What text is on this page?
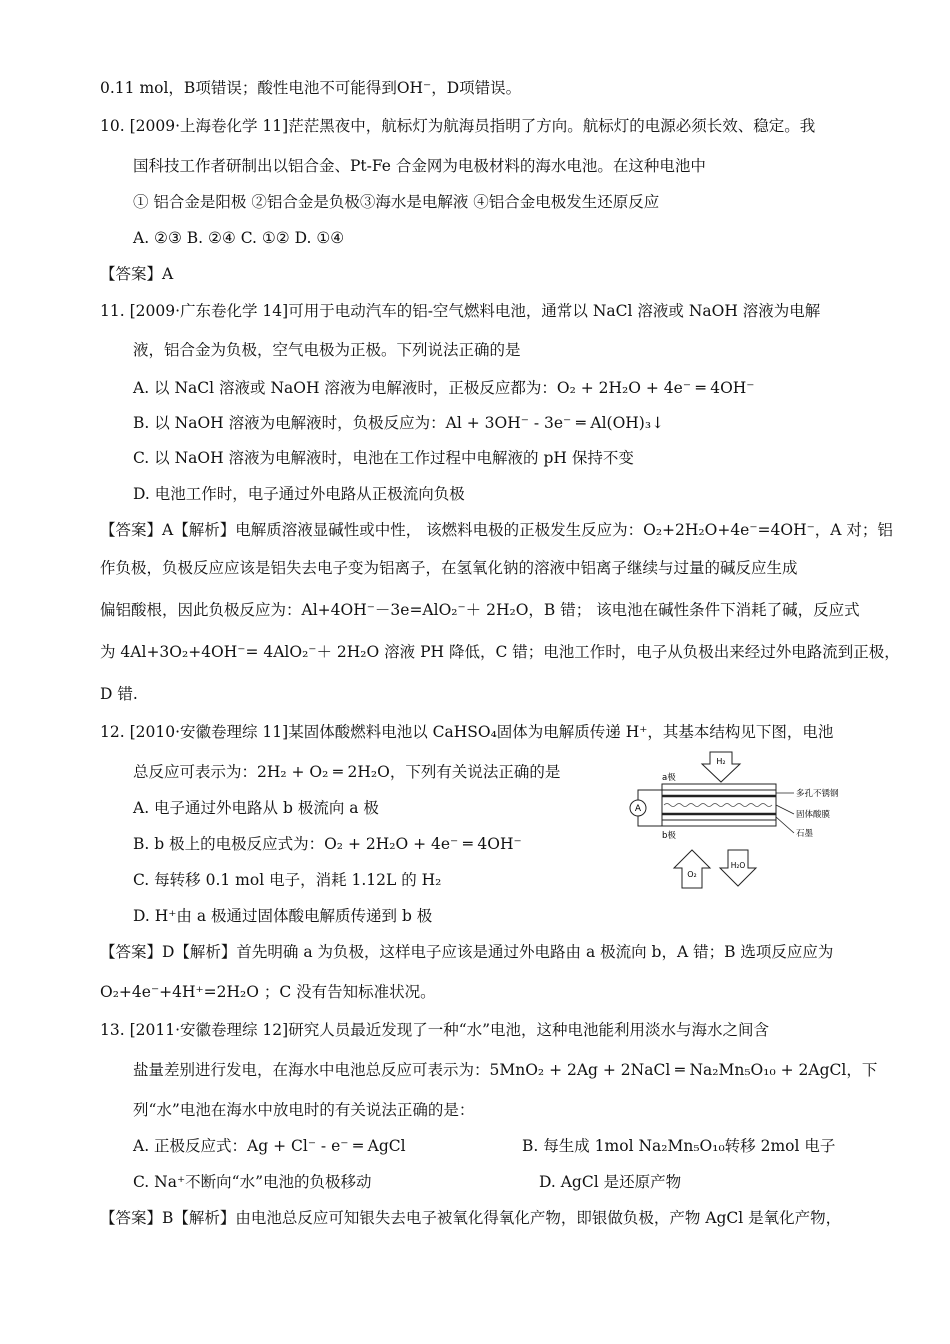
0.11 mol，B项错误；酸性电池不可能得到OH⁻，D项错误。
10. [2009·上海卷化学 11]茫茫黑夜中，航标灯为航海员指明了方向。航标灯的电源必须长效、稳定。我
国科技工作者研制出以铝合金、Pt-Fe 合金网为电极材料的海水电池。在这种电池中
① 铝合金是阳极 ②铝合金是负极③海水是电解液 ④铝合金电极发生还原反应
A. ②③ B. ②④ C. ①② D. ①④
【答案】A
11. [2009·广东卷化学 14]可用于电动汽车的铝-空气燃料电池，通常以 NaCl 溶液或 NaOH 溶液为电解
液，铝合金为负极，空气电极为正极。下列说法正确的是
A. 以 NaCl 溶液或 NaOH 溶液为电解液时，正极反应都为：O₂ + 2H₂O + 4e⁻ ═ 4OH⁻
B. 以 NaOH 溶液为电解液时，负极反应为：Al + 3OH⁻ - 3e⁻ ═ Al(OH)₃↓
C. 以 NaOH 溶液为电解液时，电池在工作过程中电解液的 pH 保持不变
D. 电池工作时，电子通过外电路从正极流向负极
【答案】A【解析】电解质溶液显碱性或中性， 该燃料电极的正极发生反应为：O₂+2H₂O+4e⁻=4OH⁻，A 对；铝
作负极，负极反应应该是铝失去电子变为铝离子，在氢氧化钠的溶液中铝离子继续与过量的碱反应生成
偏铝酸根，因此负极反应为：Al+4OH⁻－3e=AlO₂⁻＋ 2H₂O，B 错； 该电池在碱性条件下消耗了碱，反应式
为 4Al+3O₂+4OH⁻= 4AlO₂⁻＋ 2H₂O 溶液 PH 降低，C 错；电池工作时，电子从负极出来经过外电路流到正极，
D 错.
12. [2010·安徽卷理综 11]某固体酸燃料电池以 CaHSO₄固体为电解质传递 H⁺，其基本结构见下图，电池
总反应可表示为：2H₂ + O₂ ═ 2H₂O，下列有关说法正确的是
A. 电子通过外电路从 b 极流向 a 极
B. b 极上的电极反应式为：O₂ + 2H₂O + 4e⁻ ═ 4OH⁻
C. 每转移 0.1 mol 电子，消耗 1.12L 的 H₂
D. H⁺由 a 极通过固体酸电解质传递到 b 极
H₂
a极
A
b极
O₂
H₂O
多孔不锈钢
固体酸膜
石墨
【答案】D【解析】首先明确 a 为负极，这样电子应该是通过外电路由 a 极流向 b，A 错；B 选项反应应为
O₂+4e⁻+4H⁺=2H₂O ；C 没有告知标准状况。
13. [2011·安徽卷理综 12]研究人员最近发现了一种“水”电池，这种电池能利用淡水与海水之间含
盐量差别进行发电，在海水中电池总反应可表示为：5MnO₂ + 2Ag + 2NaCl ═ Na₂Mn₅O₁₀ + 2AgCl，下
列“水”电池在海水中放电时的有关说法正确的是：
A. 正极反应式：Ag + Cl⁻ - e⁻ ═ AgCl	B. 每生成 1mol Na₂Mn₅O₁₀转移 2mol 电子
C. Na⁺不断向“水”电池的负极移动	D. AgCl 是还原产物
【答案】B【解析】由电池总反应可知银失去电子被氧化得氧化产物，即银做负极，产物 AgCl 是氧化产物，
